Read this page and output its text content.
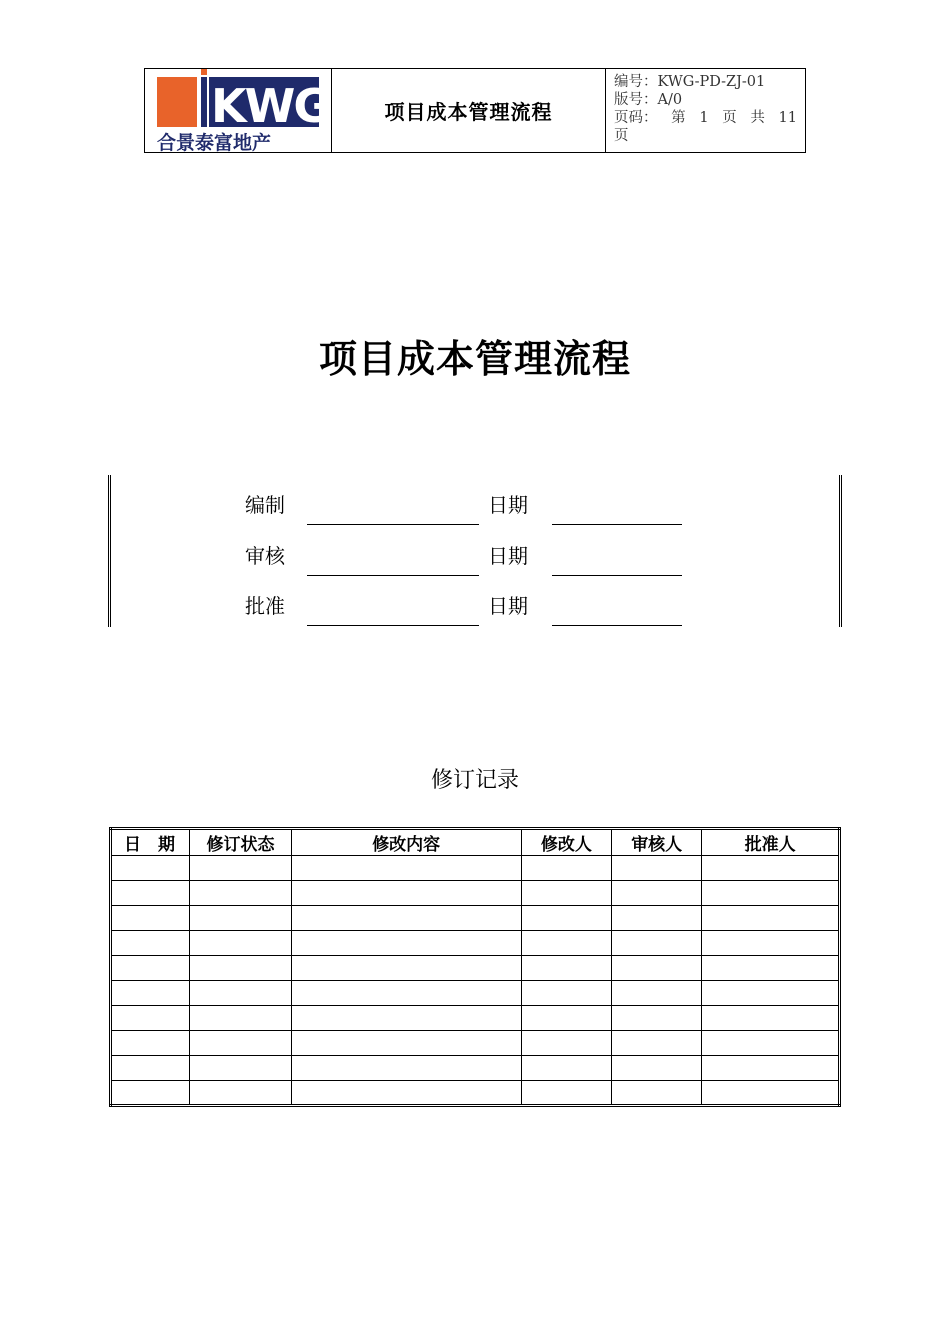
KWG
合景泰富地产
项目成本管理流程
编号：KWG-PD-ZJ-01
版号：A/0
页码： 第 1 页 共 11
页
项目成本管理流程
编制	日期
审核	日期
批准	日期
修订记录
日　期	修订状态	修改内容	修改人	审核人	批准人
